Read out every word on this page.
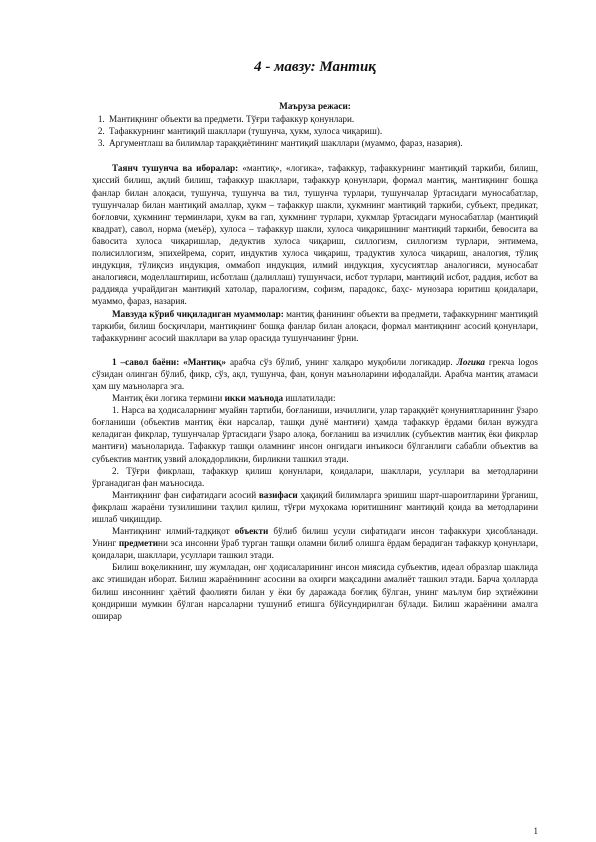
4 - мавзу: Мантиқ

Маъруза режаси:

1. Мантиқнинг объекти ва предмети. Тўғри тафаккур қонунлари.
2. Тафаккурнинг мантиқий шакллари (тушунча, ҳукм, хулоса чиқариш).
3. Аргументлаш ва билимлар тараққиётининг мантиқий шакллари (муаммо, фараз, назария).

Таянч тушунча ва иборалар: «мантиқ», «логика», тафаккур, тафаккурнинг мантиқий таркиби, билиш, ҳиссий билиш, ақлий билиш, тафаккур шакллари, тафаккур қонунлари, формал мантиқ, мантиқнинг бошқа фанлар билан алоқаси, тушунча, тушунча ва тил, тушунча турлари, тушунчалар ўртасидаги муносабатлар, тушунчалар билан мантиқий амаллар, ҳукм – тафаккур шакли, ҳукмнинг мантиқий таркиби, субъект, предикат, боғловчи, ҳукмнинг терминлари, ҳукм ва гап, ҳукмнинг турлари, ҳукмлар ўртасидаги муносабатлар (мантиқий квадрат), савол, норма (меъёр), хулоса – тафаккур шакли, хулоса чиқаришнинг мантиқий таркиби, бевосита ва бавосита хулоса чиқаришлар, дедуктив хулоса чиқариш, силлогизм, силлогизм турлари, энтимема, полисиллогизм, эпихейрема, сорит, индуктив хулоса чиқариш, традуктив хулоса чиқариш, аналогия, тўлиқ индукция, тўлиқсиз индукция, оммабоп индукция, илмий индукция, хусусиятлар аналогияси, муносабат аналогияси, моделлаштириш, исботлаш (далиллаш) тушунчаси, исбот турлари, мантиқий исбот, раддия, исбот ва раддияда учрайдиган мантиқий хатолар, паралогизм, софизм, парадокс, баҳс- мунозара юритиш қоидалари, муаммо, фараз, назария.

Мавзуда кўриб чиқиладиган муаммолар: мантиқ фанининг объекти ва предмети, тафаккурнинг мантиқий таркиби, билиш босқичлари, мантиқнинг бошқа фанлар билан алоқаси, формал мантиқнинг асосий қонунлари, тафаккурнинг асосий шакллари ва улар орасида тушунчанинг ўрни.

1 –савол баёни: «Мантиқ» арабча сўз бўлиб, унинг халқаро муқобили логикадир. Логика грекча logos сўзидан олинган бўлиб, фикр, сўз, ақл, тушунча, фан, қонун маъноларини ифодалайди. Арабча мантиқ атамаси ҳам шу маъноларга эга.

Мантиқ ёки логика термини икки маънода ишлатилади:

1. Нарса ва ҳодисаларнинг муайян тартиби, боғланиши, изчиллиги, улар тараққиёт қонуниятларининг ўзаро боғланиши (объектив мантиқ ёки нарсалар, ташқи дунё мантиғи) ҳамда тафаккур ёрдами билан вужудга келадиган фикрлар, тушунчалар ўртасидаги ўзаро алоқа, боғланиш ва изчиллик (субъектив мантиқ ёки фикрлар мантиғи) маъноларида. Тафаккур ташқи оламнинг инсон онгидаги инъикоси бўлганлиги сабабли объектив ва субъектив мантиқ узвий алоқадорликни, бирликни ташкил этади.

2. Тўғри фикрлаш, тафаккур қилиш қонунлари, қоидалари, шакллари, усуллари ва методларини ўрганадиган фан маъносида.

Мантиқнинг фан сифатидаги асосий вазифаси ҳақиқий билимларга эришиш шарт-шароитларини ўрганиш, фикрлаш жараёни тузилишини таҳлил қилиш, тўғри муҳокама юритишнинг мантиқий қоида ва методларини ишлаб чиқишдир.

Мантиқнинг илмий-тадқиқот объекти бўлиб билиш усули сифатидаги инсон тафаккури ҳисобланади. Унинг предметини эса инсонни ўраб турган ташқи оламни билиб олишга ёрдам берадиган тафаккур қонунлари, қоидалари, шакллари, усуллари ташкил этади.

Билиш воқеликнинг, шу жумладан, онг ҳодисаларининг инсон миясида субъектив, идеал образлар шаклида акс этишидан иборат. Билиш жараёнининг асосини ва охирги мақсадини амалиёт ташкил этади. Барча ҳолларда билиш инсоннинг ҳаётий фаолияти билан у ёки бу даражада боғлиқ бўлган, унинг маълум бир эҳтиёжини қондириши мумкин бўлган нарсаларни тушуниб етишга бўйсундирилган бўлади. Билиш жараёнини амалга оширар

1
